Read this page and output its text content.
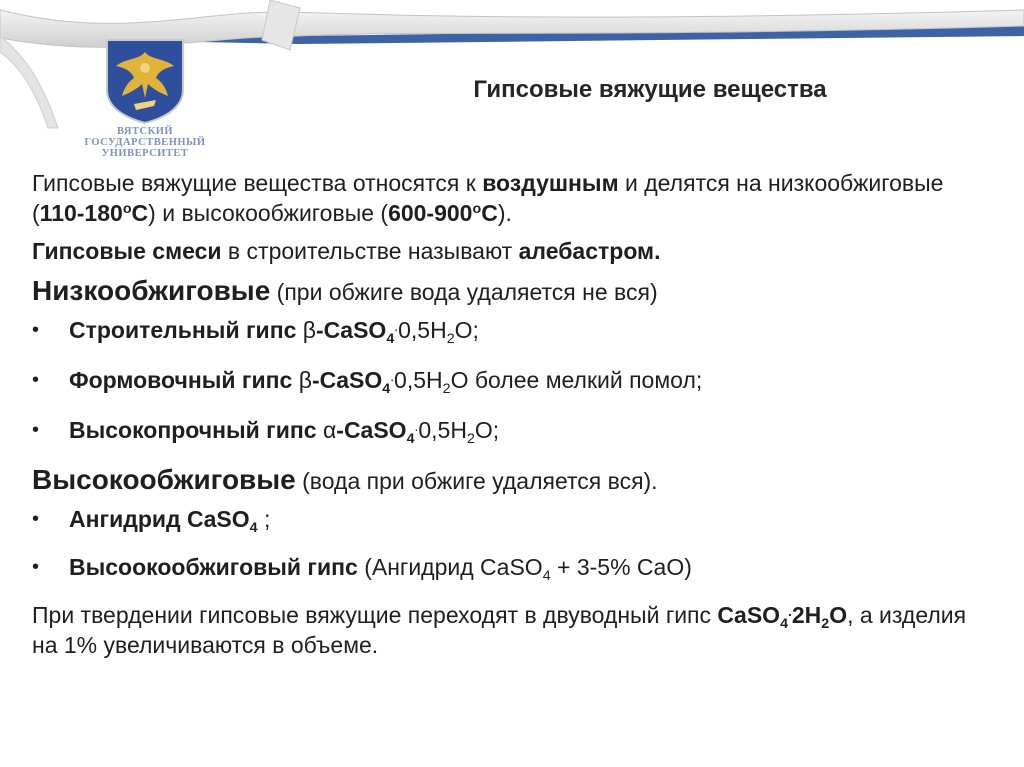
ВЯТСКИЙ
ГОСУДАРСТВЕННЫЙ
УНИВЕРСИТЕТ
Гипсовые вяжущие вещества

Гипсовые вяжущие вещества относятся к воздушным и делятся на низкообжиговые (110-180$^o$С) и высокообжиговые (600-900$^o$С).

Гипсовые смеси в строительстве называют алебастром.

Низкообжиговые (при обжиге вода удаляется не вся)

• Строительный гипс $\beta-CaSO_4^.0,5H_2O$;
• Формовочный гипс $\beta-CaSO_4^.0,5H_2O$ более мелкий помол;
• Высокопрочный гипс $\alpha-CaSO_4^.0,5H_2O$;

Высокообжиговые (вода при обжиге удаляется вся).

• Ангидрид CaSO$_4$ ;
• Высоокообжиговый гипс (Ангидрид CaSO$_4$ + 3-5% CaO)

При твердении гипсовые вяжущие переходят в двуводный гипс $CaSO_4^.2H_2O$, а изделия на 1% увеличиваются в объеме.
